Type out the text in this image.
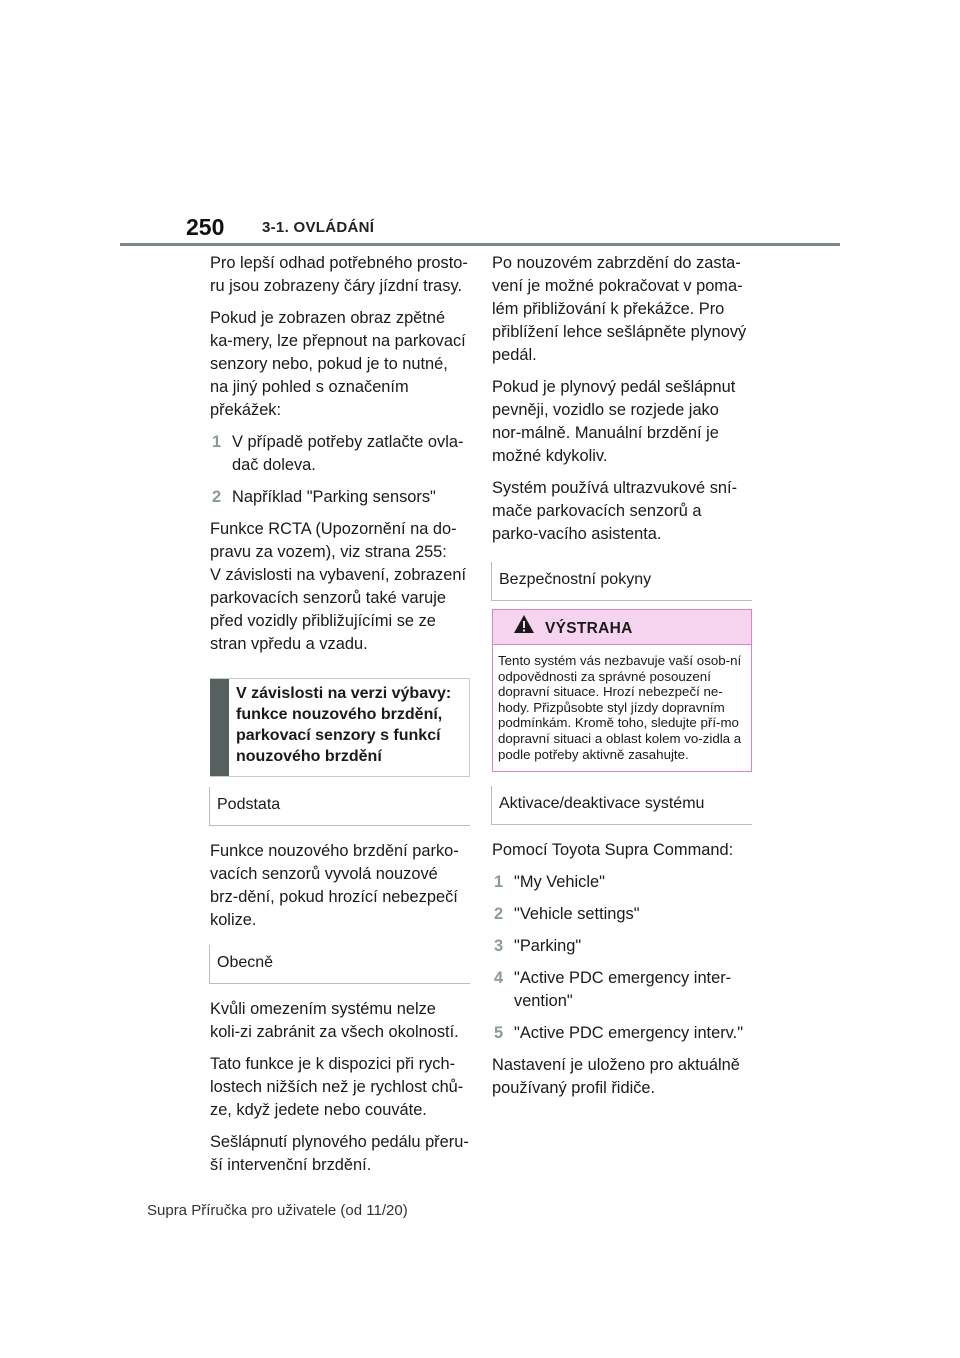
250	3-1. OVLÁDÁNÍ

Pro lepší odhad potřebného prosto-ru jsou zobrazeny čáry jízdní trasy.

Pokud je zobrazen obraz zpětné ka-mery, lze přepnout na parkovací senzory nebo, pokud je to nutné, na jiný pohled s označením překážek:

1 V případě potřeby zatlačte ovla-dač doleva.
2 Například "Parking sensors"

Funkce RCTA (Upozornění na do-pravu za vozem), viz strana 255:

V závislosti na vybavení, zobrazení parkovacích senzorů také varuje před vozidly přibližujícími se ze stran vpředu a vzadu.

V závislosti na verzi výbavy: funkce nouzového brzdění, parkovací senzory s funkcí nouzového brzdění
Podstata

Funkce nouzového brzdění parko-vacích senzorů vyvolá nouzové brz-dění, pokud hrozící nebezpečí kolize.

Obecně

Kvůli omezením systému nelze koli-zi zabránit za všech okolností.

Tato funkce je k dispozici při rych-lostech nižších než je rychlost chů-ze, když jedete nebo couváte.

Sešlápnutí plynového pedálu přeru-ší intervenční brzdění.

Po nouzovém zabrzdění do zasta-vení je možné pokračovat v poma-lém přibližování k překážce. Pro přiblížení lehce sešlápněte plynový pedál.

Pokud je plynový pedál sešlápnut pevněji, vozidlo se rozjede jako nor-málně. Manuální brzdění je možné kdykoliv.

Systém používá ultrazvukové sní-mače parkovacích senzorů a parko-vacího asistenta.

Bezpečnostní pokyny
VÝSTRAHA
Tento systém vás nezbavuje vaší osob-ní odpovědnosti za správné posouzení dopravní situace. Hrozí nebezpečí ne-hody. Přizpůsobte styl jízdy dopravním podmínkám. Kromě toho, sledujte pří-mo dopravní situaci a oblast kolem vo-zidla a podle potřeby aktivně zasahujte.
Aktivace/deaktivace systému

Pomocí Toyota Supra Command:

1 "My Vehicle"
2 "Vehicle settings"
3 "Parking"
4 "Active PDC emergency inter-vention"
5 "Active PDC emergency interv."

Nastavení je uloženo pro aktuálně používaný profil řidiče.

Supra Příručka pro uživatele (od 11/20)
